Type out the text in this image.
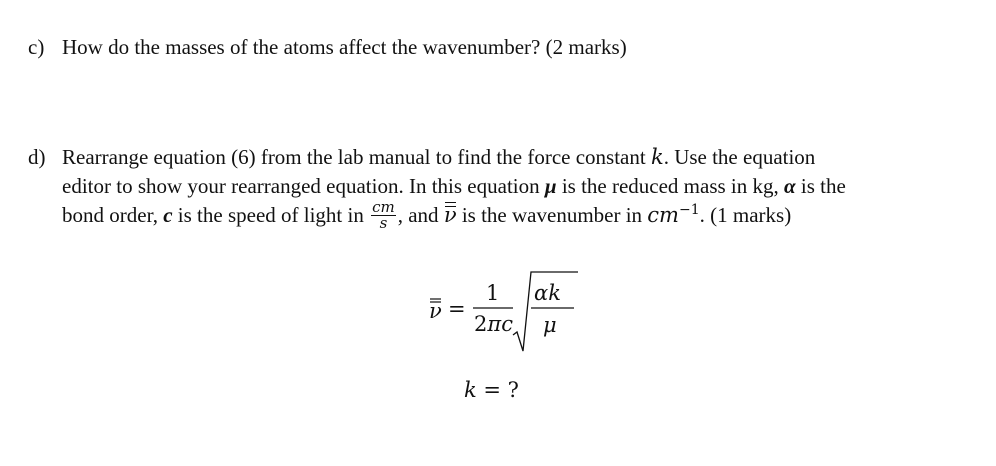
c) How do the masses of the atoms affect the wavenumber? (2 marks)
d) Rearrange equation (6) from the lab manual to find the force constant k. Use the equation
editor to show your rearranged equation. In this equation μ is the reduced mass in kg, α is the
bond order, c is the speed of light in $\frac{cm}{s}$ , and ν is the wavenumber in $cm^{-1}$. (1 marks)
ν =
1
2πc
αk
μ
k = ?
